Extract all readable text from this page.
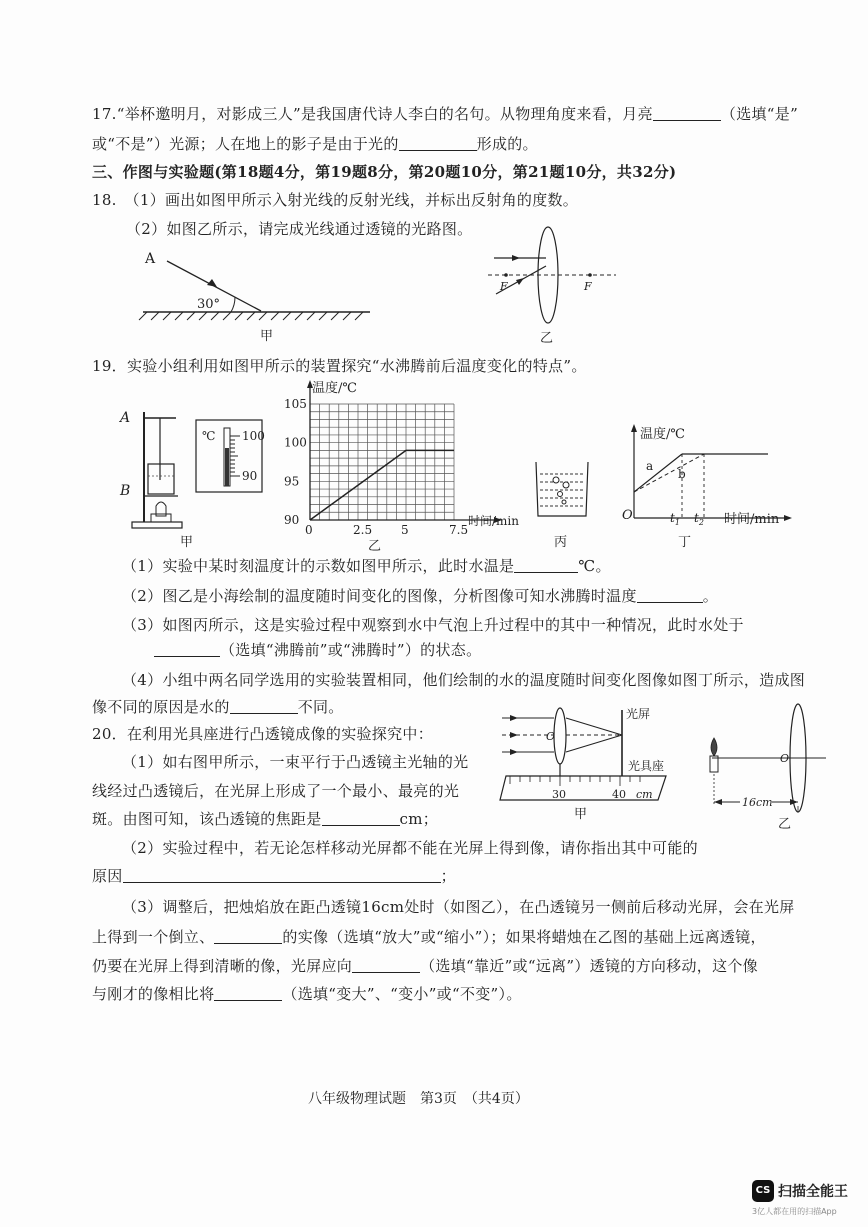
17.“举杯邀明月，对影成三人”是我国唐代诗人李白的名句。从物理角度来看，月亮	（选填“是”
或“不是”）光源；人在地上的影子是由于光的	形成的。
三、作图与实验题(第18题4分，第19题8分，第20题10分，第21题10分，共32分)
18.　（1）画出如图甲所示入射光线的反射光线，并标出反射角的度数。
（2）如图乙所示，请完成光线通过透镜的光路图。
A
30°
甲
F	F
乙
19．实验小组利用如图甲所示的装置探究“水沸腾前后温度变化的特点”。
A
B
℃ 100
90
甲
0	2.5 5	7.5
90
95
100
105
温度/℃
时间/min
乙	丙
温度/℃
时间/min
O
a
b
$t_1$ $t_2$
丁
（1）实验中某时刻温度计的示数如图甲所示，此时水温是	℃。
（2）图乙是小海绘制的温度随时间变化的图像，分析图像可知水沸腾时温度	。
（3）如图丙所示，这是实验过程中观察到水中气泡上升过程中的其中一种情况，此时水处于
（选填“沸腾前”或“沸腾时”）的状态。
（4）小组中两名同学选用的实验装置相同，他们绘制的水的温度随时间变化图像如图丁所示，造成图
像不同的原因是水的	不同。
20．在利用光具座进行凸透镜成像的实验探究中：
（1）如右图甲所示，一束平行于凸透镜主光轴的光
线经过凸透镜后，在光屏上形成了一个最小、最亮的光
斑。由图可知，该凸透镜的焦距是	cm；
光屏
光具座
O
30	40 cm
甲
16cm
O
乙
（2）实验过程中，若无论怎样移动光屏都不能在光屏上得到像，请你指出其中可能的
原因	；
（3）调整后，把烛焰放在距凸透镜16cm处时（如图乙），在凸透镜另一侧前后移动光屏，会在光屏
上得到一个倒立、	的实像（选填“放大”或“缩小”）；如果将蜡烛在乙图的基础上远离透镜，
仍要在光屏上得到清晰的像，光屏应向	（选填“靠近”或“远离”）透镜的方向移动，这个像
与刚才的像相比将	（选填“变大”、“变小”或“不变”）。
八年级物理试题　第3页　（共4页）
CS 扫描全能王
3亿人都在用的扫描App
